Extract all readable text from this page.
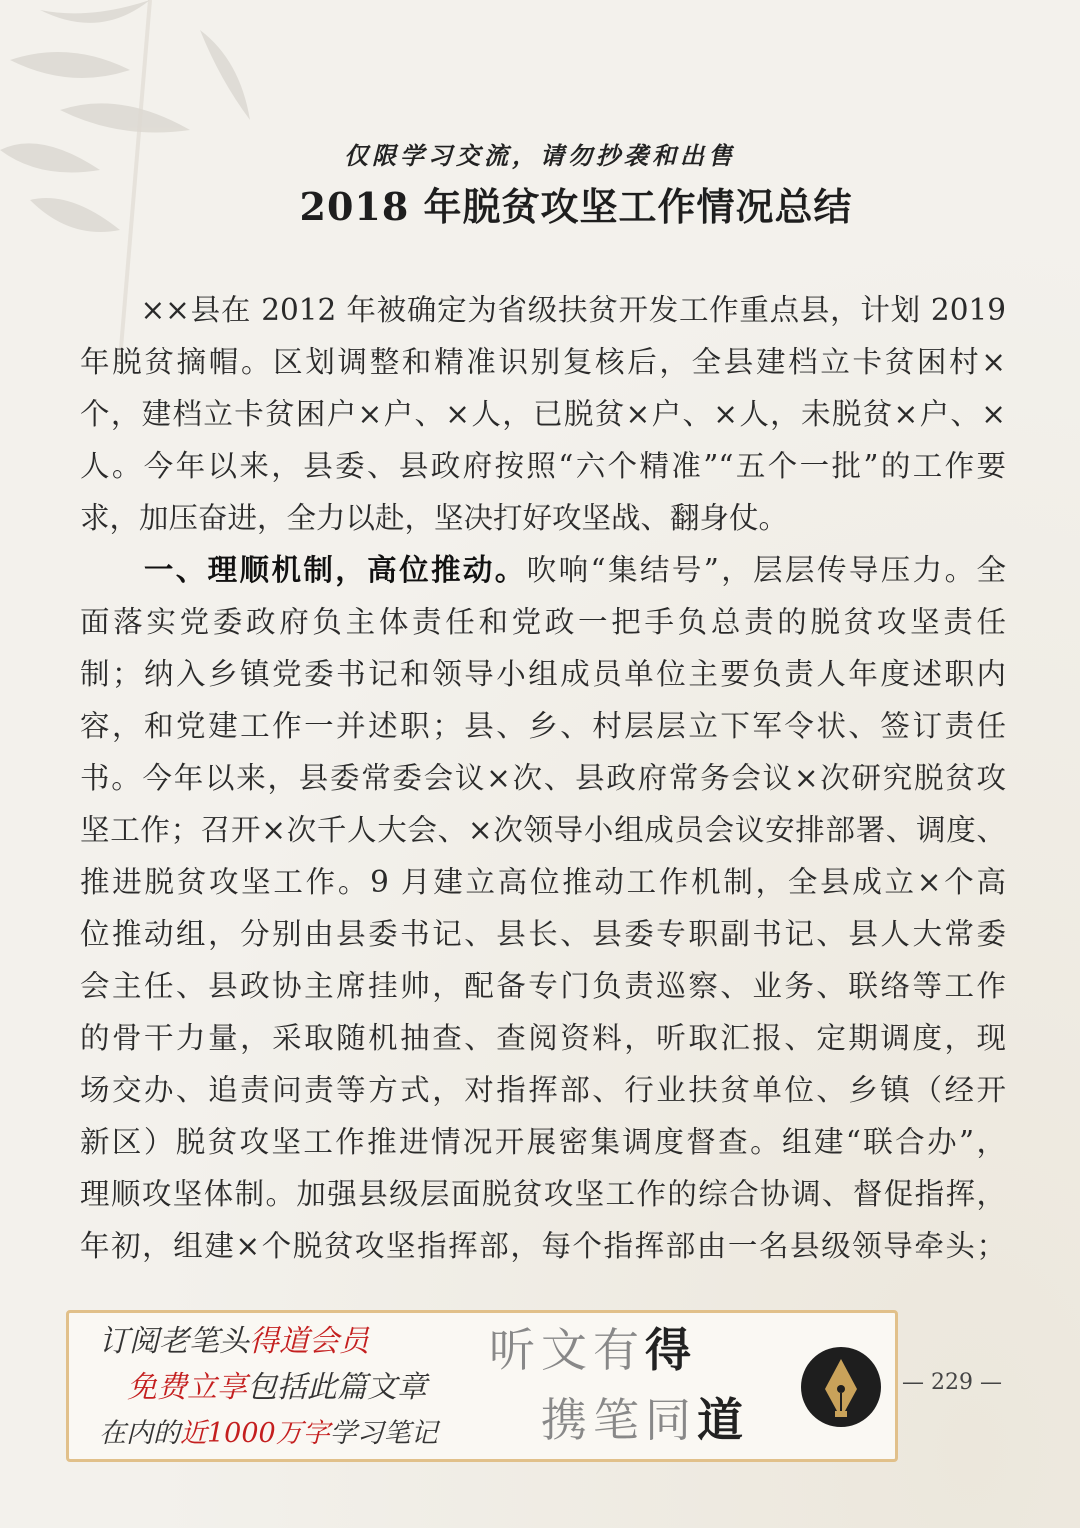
仅限学习交流，请勿抄袭和出售
2018 年脱贫攻坚工作情况总结
　　××县在 2012 年被确定为省级扶贫开发工作重点县，计划 2019
年脱贫摘帽。区划调整和精准识别复核后，全县建档立卡贫困村×
个，建档立卡贫困户×户、×人，已脱贫×户、×人，未脱贫×户、×
人。今年以来，县委、县政府按照“六个精准”“五个一批”的工作要
求，加压奋进，全力以赴，坚决打好攻坚战、翻身仗。
　　一、理顺机制，高位推动。吹响“集结号”，层层传导压力。全
面落实党委政府负主体责任和党政一把手负总责的脱贫攻坚责任
制；纳入乡镇党委书记和领导小组成员单位主要负责人年度述职内
容，和党建工作一并述职；县、乡、村层层立下军令状、签订责任
书。今年以来，县委常委会议×次、县政府常务会议×次研究脱贫攻
坚工作；召开×次千人大会、×次领导小组成员会议安排部署、调度、
推进脱贫攻坚工作。9 月建立高位推动工作机制，全县成立×个高
位推动组，分别由县委书记、县长、县委专职副书记、县人大常委
会主任、县政协主席挂帅，配备专门负责巡察、业务、联络等工作
的骨干力量，采取随机抽查、查阅资料，听取汇报、定期调度，现
场交办、追责问责等方式，对指挥部、行业扶贫单位、乡镇（经开
新区）脱贫攻坚工作推进情况开展密集调度督查。组建“联合办”，
理顺攻坚体制。加强县级层面脱贫攻坚工作的综合协调、督促指挥，
年初，组建×个脱贫攻坚指挥部，每个指挥部由一名县级领导牵头；
订阅老笔头得道会员
免费立享包括此篇文章
在内的近1000万字学习笔记
听文有得
携笔同道
— 229 —
